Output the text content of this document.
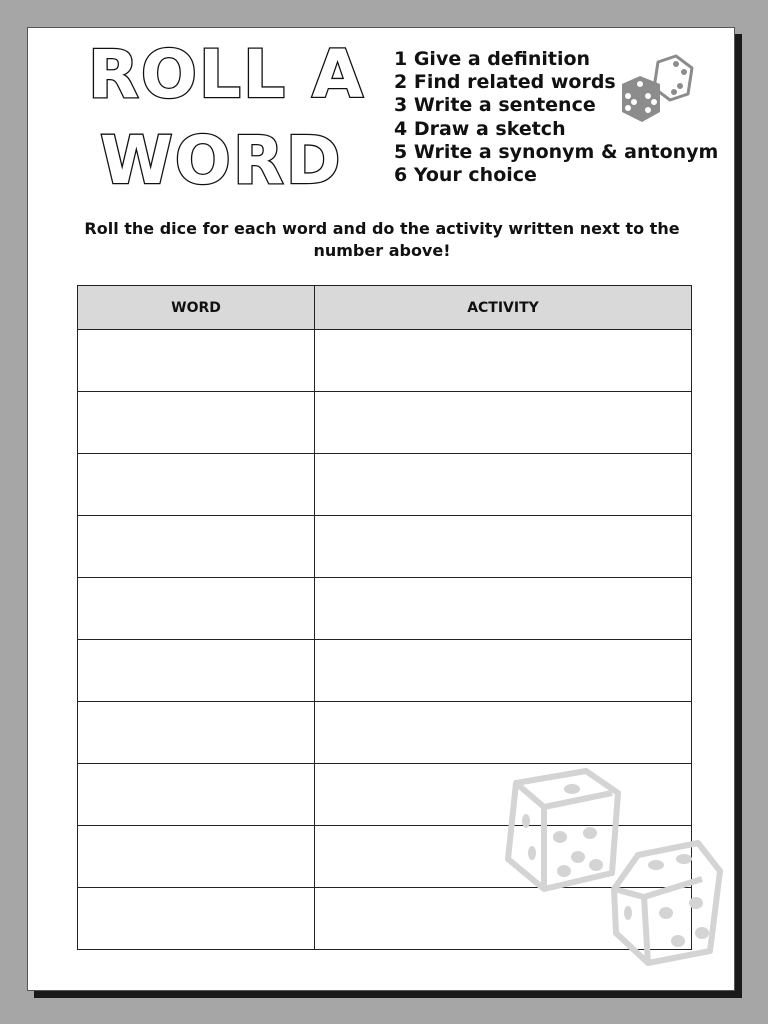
ROLL A
WORD
1 Give a definition
2 Find related words
3 Write a sentence
4 Draw a sketch
5 Write a synonym & antonym
6 Your choice
Roll the dice for each word and do the activity written next to the number above!
WORD	ACTIVITY
